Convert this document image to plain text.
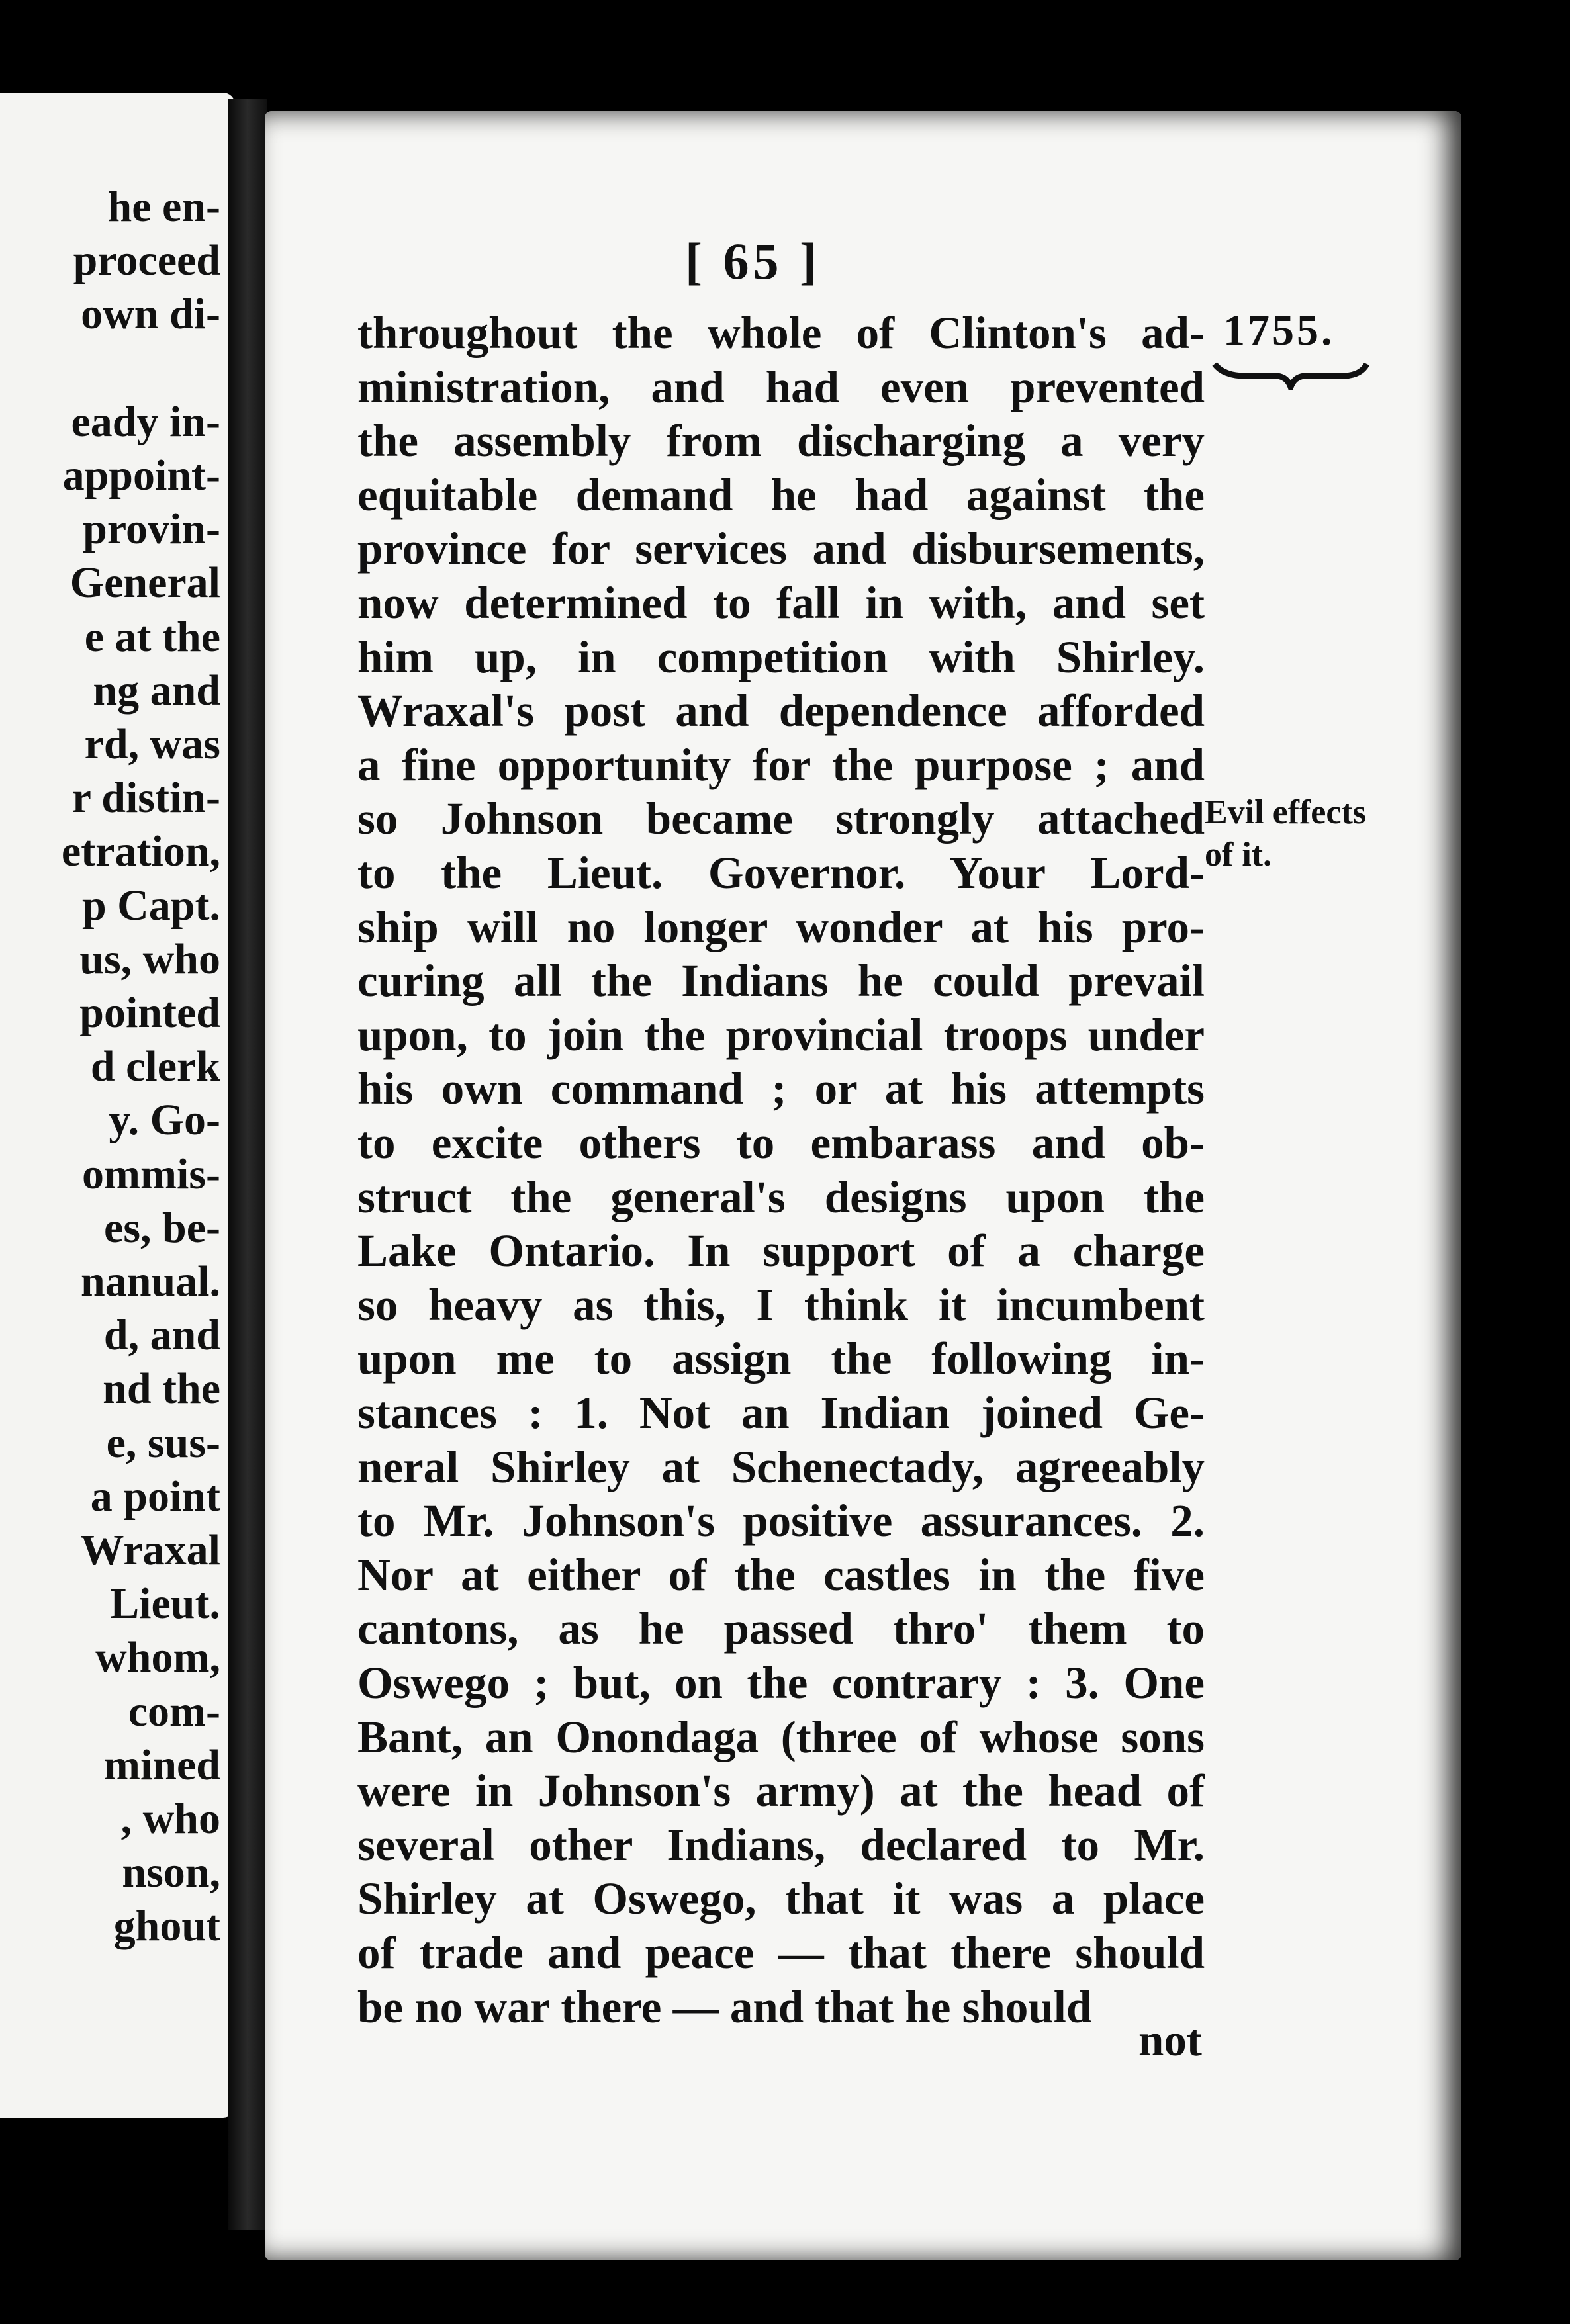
he en-
proceed
own di-
eady in-
appoint-
provin-
General
e at the
ng and
rd, was
r distin-
etration,
p Capt.
us, who
pointed
d clerk
y. Go-
ommis-
es, be-
nanual.
d, and
nd the
e, sus-
a point
Wraxal
Lieut.
whom,
com-
mined
, who
nson,
ghout
[ 65 ]
1755.
Evil effects
of it.
throughout the whole of Clinton's ad-
ministration, and had even prevented
the assembly from discharging a very
equitable demand he had against the
province for services and disbursements,
now determined to fall in with, and set
him up, in competition with Shirley.
Wraxal's post and dependence afforded
a fine opportunity for the purpose ; and
so Johnson became strongly attached
to the Lieut. Governor. Your Lord-
ship will no longer wonder at his pro-
curing all the Indians he could prevail
upon, to join the provincial troops under
his own command ; or at his attempts
to excite others to embarass and ob-
struct the general's designs upon the
Lake Ontario. In support of a charge
so heavy as this, I think it incumbent
upon me to assign the following in-
stances : 1. Not an Indian joined Ge-
neral Shirley at Schenectady, agreeably
to Mr. Johnson's positive assurances. 2.
Nor at either of the castles in the five
cantons, as he passed thro' them to
Oswego ; but, on the contrary : 3. One
Bant, an Onondaga (three of whose sons
were in Johnson's army) at the head of
several other Indians, declared to Mr.
Shirley at Oswego, that it was a place
of trade and peace — that there should
be no war there — and that he should
not
